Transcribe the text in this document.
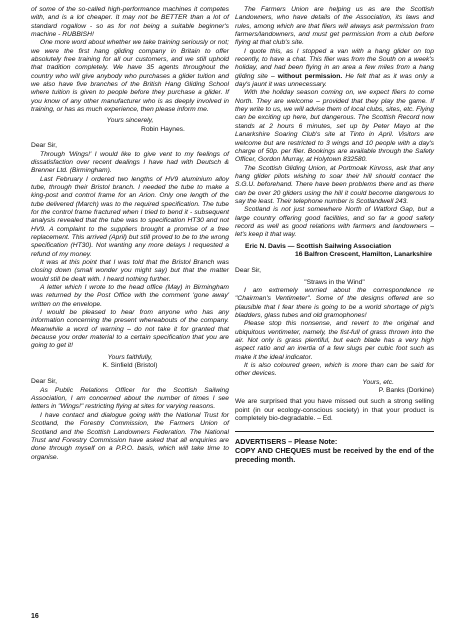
of some of the so-called high-performance machines it competes with, and is a lot cheaper. It may not be BETTER than a lot of standard rogallow - so as for not being a suitable beginner's machine - RUBBISH!

One more word about whether we take training seriously or not; we were the first hang gliding company in Britain to offer absolutely free training for all our customers, and we still uphold that tradition completely. We have 35 agents throughout the country who will give anybody who purchases a glider tuition and we also have five branches of the British Hang Gliding School where tuition is given to people before they purchase a glider. If you know of any other manufacturer who is as deeply involved in training, or has as much experience, then please inform me.

Yours sincerely,

Robin Haynes.

Dear Sir,

Through 'Wings!' I would like to give vent to my feelings of dissatisfaction over recent dealings I have had with Deutsch & Brenner Ltd. (Birmingham).

Last February I ordered two lengths of HV9 aluminium alloy tube, through their Bristol branch. I needed the tube to make a king-post and control frame for an Arion. Only one length of the tube delivered (March) was to the required specification. The tube for the control frame fractured when I tried to bend it - subsequent analysis revealed that the tube was to specification HT30 and not HV9. A complaint to the suppliers brought a promise of a free replacement. This arrived (April) but still proved to be to the wrong specification (HT30). Not wanting any more delays I requested a refund of my money.

It was at this point that I was told that the Bristol Branch was closing down (small wonder you might say) but that the matter would still be dealt with. I heard nothing further.

A letter which I wrote to the head office (May) in Birmingham was returned by the Post Office with the comment 'gone away' written on the envelope.

I would be pleased to hear from anyone who has any information concerning the present whereabouts of the company. Meanwhile a word of warning – do not take it for granted that because you order material to a certain specification that you are going to get it!

Yours faithfully,

K. Sinfield (Bristol)

Dear Sir,

As Public Relations Officer for the Scottish Sailwing Association, I am concerned about the number of times I see letters in "Wings!" restricting flying at sites for varying reasons.

I have contact and dialogue going with the National Trust for Scotland, the Forestry Commission, the Farmers Union of Scotland and the Scottish Landowners Federation. The National Trust and Forestry Commission have asked that all enquiries are done through myself on a P.P.O. basis, which will take time to organise.

The Farmers Union are helping us as are the Scottish Landowners, who have details of the Association, its laws and rules, among which are that fliers will always ask permission from farmers/landowners, and must get permission from a club before flying at that club's site.

I quote this, as I stopped a van with a hang glider on top recently, to have a chat. This flier was from the South on a week's holiday, and had been flying in an area a few miles from a hang gliding site – without permission. He felt that as it was only a day's jaunt it was unnecessary.

With the holiday season coming on, we expect fliers to come North. They are welcome – provided that they play the game. If they write to us, we will advise them of local clubs, sites, etc. Flying can be exciting up here, but dangerous. The Scottish Record now stands at 2 hours 6 minutes, set up by Peter Mayo at the Lanarkshire Soaring Club's site at Tinto in April. Visitors are welcome but are restricted to 3 wings and 10 people with a day's charge of 50p. per flier. Bookings are available through the Safety Officer, Gordon Murray, at Holytown 832580.

The Scottish Gliding Union, at Portmoak Kinross, ask that any hang glider pilots wishing to soar their hill should contact the S.G.U. beforehand. There have been problems there and as there can be over 20 gliders using the hill it could become dangerous to say the least. Their telephone number is Scotlandwell 243.

Scotland is not just somewhere North of Watford Gap, but a large country offering good facilities, and so far a good safety record as well as good relations with farmers and landowners – let's keep it that way.

Eric N. Davis — Scottish Sailwing Association

16 Balfron Crescent, Hamilton, Lanarkshire

Dear Sir,

"Straws in the Wind"

I am extremely worried about the correspondence re "Chairman's Ventimeter". Some of the designs offered are so plausible that I fear there is going to be a world shortage of pig's bladders, glass tubes and old gramophones!

Please stop this nonsense, and revert to the original and ubiquitous ventimeter, namely, the fist-full of grass thrown into the air. Not only is grass plentiful, but each blade has a very high aspect ratio and an inertia of a few slugs per cubic foot such as make it the ideal indicator.

It is also coloured green, which is more than can be said for other devices.

Yours, etc.

P. Banks (Dorkine)

We are surprised that you have missed out such a strong selling point (in our ecology-conscious society) in that your product is completely bio-degradable. – Ed.

ADVERTISERS – Please Note:

COPY AND CHEQUES must be received by the end of the preceding month.

16
